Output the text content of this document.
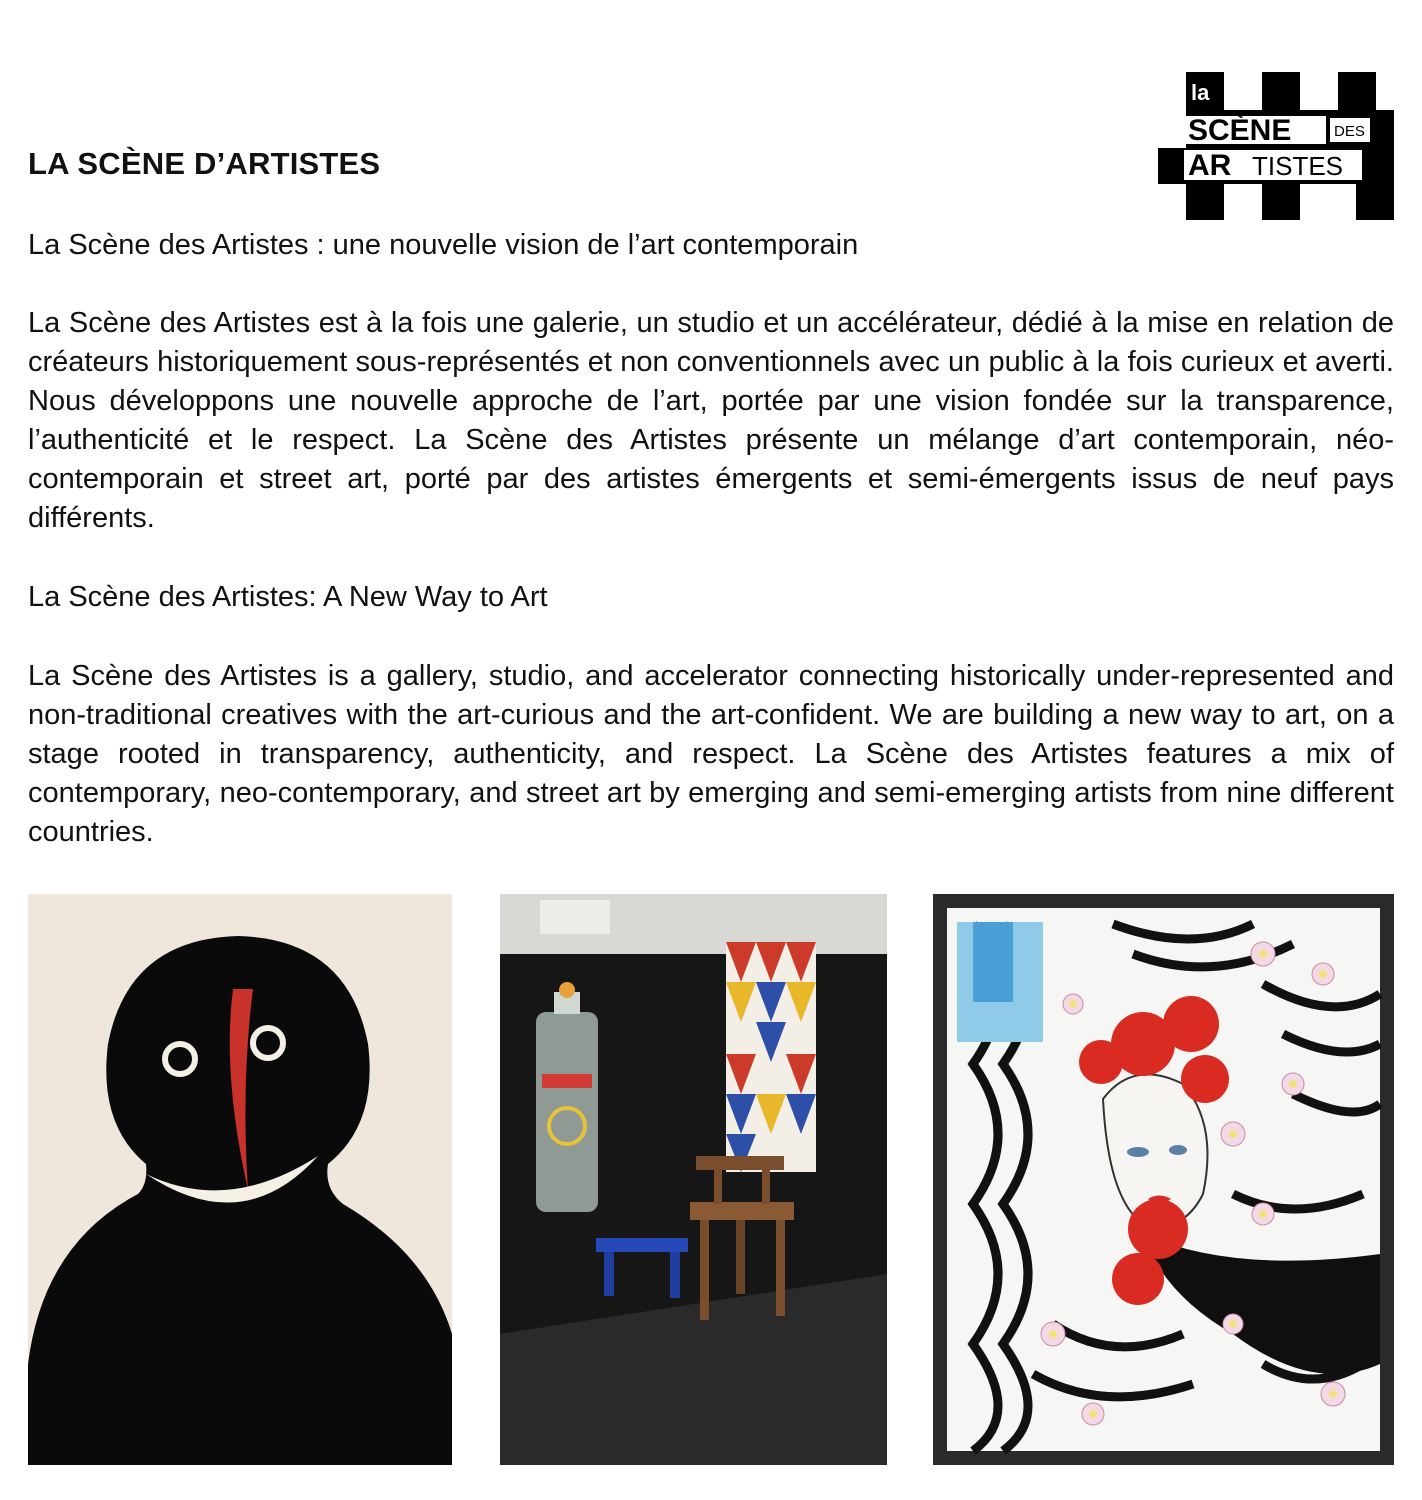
LA SCÈNE D’ARTISTES
la
SCÈNE	DES
AR TISTES

La Scène des Artistes : une nouvelle vision de l’art contemporain

La Scène des Artistes est à la fois une galerie, un studio et un accélérateur, dédié à la mise en relation de créateurs historiquement sous-représentés et non conventionnels avec un public à la fois curieux et averti. Nous développons une nouvelle approche de l’art, portée par une vision fondée sur la transparence, l’authenticité et le respect. La Scène des Artistes présente un mélange d’art contemporain, néo-contemporain et street art, porté par des artistes émergents et semi-émergents issus de neuf pays différents.

La Scène des Artistes: A New Way to Art

La Scène des Artistes is a gallery, studio, and accelerator connecting historically under-represented and non-traditional creatives with the art-curious and the art-confident. We are building a new way to art, on a stage rooted in transparency, authenticity, and respect. La Scène des Artistes features a mix of contemporary, neo-contemporary, and street art by emerging and semi-emerging artists from nine different countries.
